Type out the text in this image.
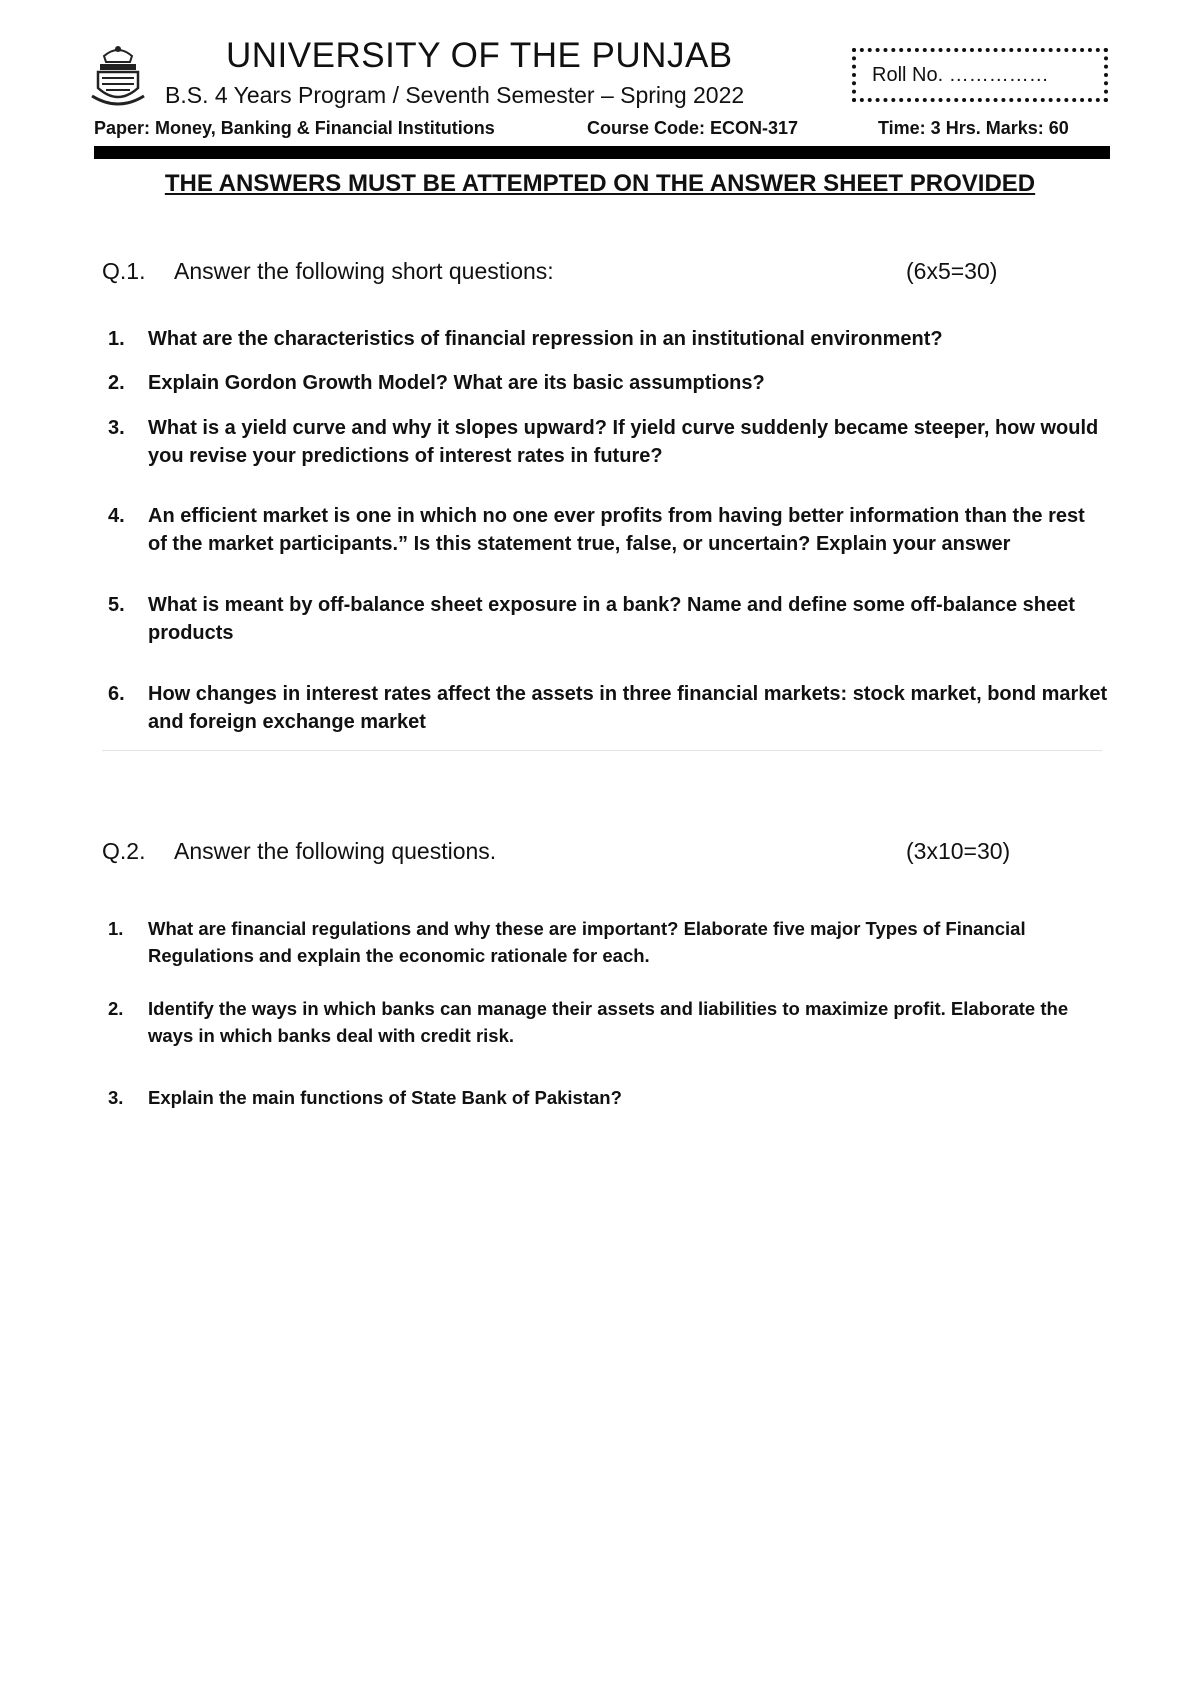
UNIVERSITY OF THE PUNJAB
B.S. 4 Years Program / Seventh Semester – Spring 2022
Roll No. ……………
Paper: Money, Banking & Financial Institutions	Course Code: ECON-317	Time: 3 Hrs. Marks: 60
THE ANSWERS MUST BE ATTEMPTED ON THE ANSWER SHEET PROVIDED
Q.1. Answer the following short questions:	(6x5=30)
1.	What are the characteristics of financial repression in an institutional environment?
2.	Explain Gordon Growth Model? What are its basic assumptions?
3.	What is a yield curve and why it slopes upward? If yield curve suddenly became steeper, how would you revise your predictions of interest rates in future?
4.	An efficient market is one in which no one ever profits from having better information than the rest of the market participants.” Is this statement true, false, or uncertain? Explain your answer
5.	What is meant by off-balance sheet exposure in a bank? Name and define some off-balance sheet products
6.	How changes in interest rates affect the assets in three financial markets: stock market, bond market and foreign exchange market
Q.2. Answer the following questions.	(3x10=30)
1.	What are financial regulations and why these are important? Elaborate five major Types of Financial Regulations and explain the economic rationale for each.
2.	Identify the ways in which banks can manage their assets and liabilities to maximize profit. Elaborate the ways in which banks deal with credit risk.
3.	Explain the main functions of State Bank of Pakistan?
